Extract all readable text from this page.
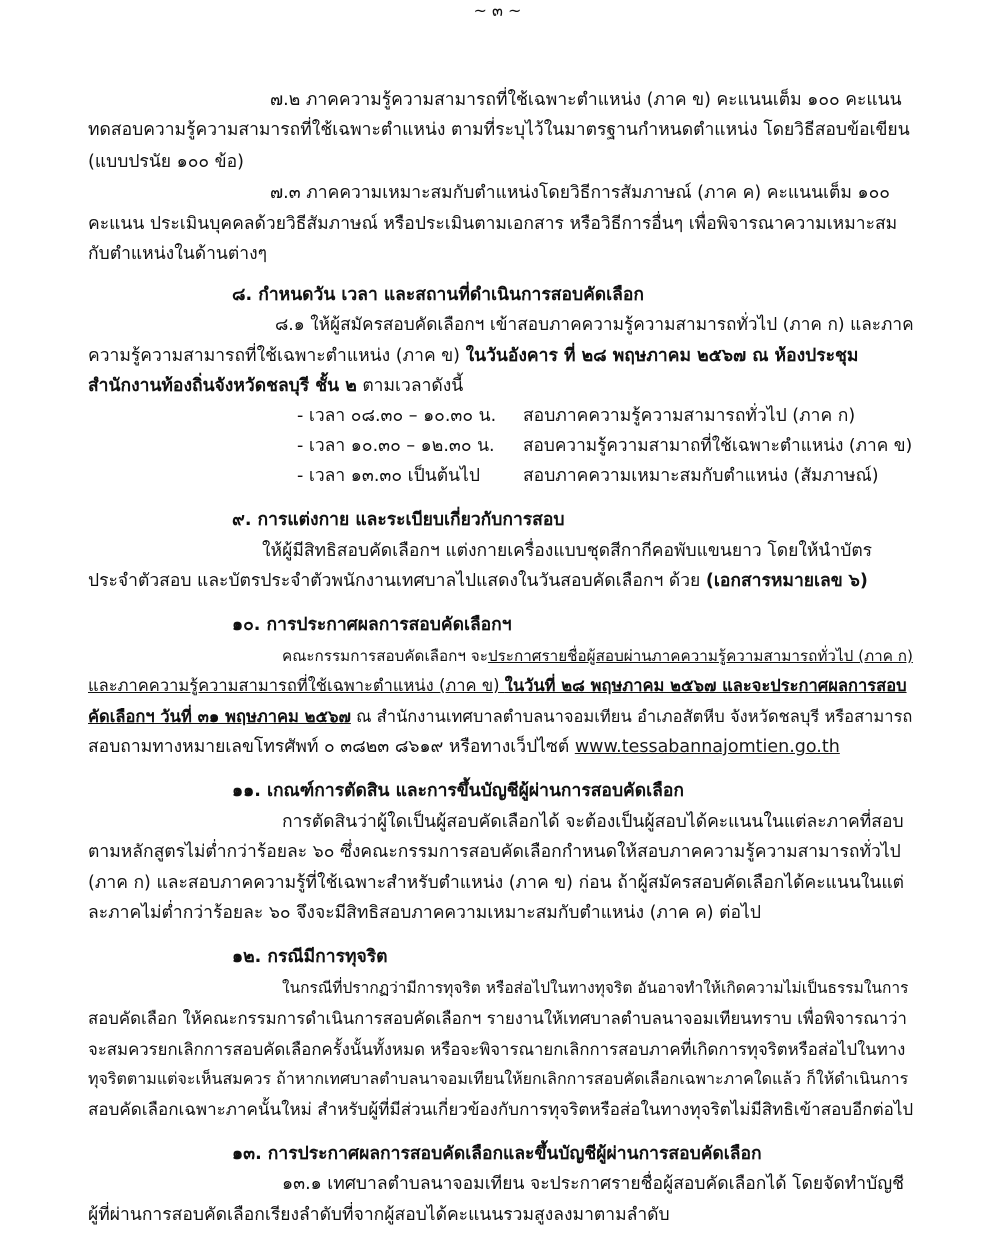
~ ๓ ~
๗.๒ ภาคความรู้ความสามารถที่ใช้เฉพาะตำแหน่ง (ภาค ข) คะแนนเต็ม ๑๐๐ คะแนน
ทดสอบความรู้ความสามารถที่ใช้เฉพาะตำแหน่ง ตามที่ระบุไว้ในมาตรฐานกำหนดตำแหน่ง โดยวิธีสอบข้อเขียน
(แบบปรนัย ๑๐๐ ข้อ)
๗.๓ ภาคความเหมาะสมกับตำแหน่งโดยวิธีการสัมภาษณ์ (ภาค ค) คะแนนเต็ม ๑๐๐
คะแนน ประเมินบุคคลด้วยวิธีสัมภาษณ์ หรือประเมินตามเอกสาร หรือวิธีการอื่นๆ เพื่อพิจารณาความเหมาะสม
กับตำแหน่งในด้านต่างๆ
๘. กำหนดวัน เวลา และสถานที่ดำเนินการสอบคัดเลือก
๘.๑ ให้ผู้สมัครสอบคัดเลือกฯ เข้าสอบภาคความรู้ความสามารถทั่วไป (ภาค ก) และภาค
ความรู้ความสามารถที่ใช้เฉพาะตำแหน่ง (ภาค ข) ในวันอังคาร ที่ ๒๘ พฤษภาคม ๒๕๖๗ ณ ห้องประชุม
สำนักงานท้องถิ่นจังหวัดชลบุรี ชั้น ๒ ตามเวลาดังนี้
- เวลา ๐๘.๓๐ – ๑๐.๓๐ น. สอบภาคความรู้ความสามารถทั่วไป (ภาค ก)
- เวลา ๑๐.๓๐ – ๑๒.๓๐ น. สอบความรู้ความสามาถที่ใช้เฉพาะตำแหน่ง (ภาค ข)
- เวลา ๑๓.๓๐ เป็นต้นไป สอบภาคความเหมาะสมกับตำแหน่ง (สัมภาษณ์)
๙. การแต่งกาย และระเบียบเกี่ยวกับการสอบ
ให้ผู้มีสิทธิสอบคัดเลือกฯ แต่งกายเครื่องแบบชุดสีกากีคอพับแขนยาว โดยให้นำบัตร
ประจำตัวสอบ และบัตรประจำตัวพนักงานเทศบาลไปแสดงในวันสอบคัดเลือกฯ ด้วย (เอกสารหมายเลข ๖)
๑๐. การประกาศผลการสอบคัดเลือกฯ
คณะกรรมการสอบคัดเลือกฯ จะประกาศรายชื่อผู้สอบผ่านภาคความรู้ความสามารถทั่วไป (ภาค ก)
และภาคความรู้ความสามารถที่ใช้เฉพาะตำแหน่ง (ภาค ข) ในวันที่ ๒๘ พฤษภาคม ๒๕๖๗ และจะประกาศผลการสอบ
คัดเลือกฯ วันที่ ๓๑ พฤษภาคม ๒๕๖๗ ณ สำนักงานเทศบาลตำบลนาจอมเทียน อำเภอสัตหีบ จังหวัดชลบุรี หรือสามารถ
สอบถามทางหมายเลขโทรศัพท์ ๐ ๓๘๒๓ ๘๖๑๙ หรือทางเว็ปไซต์ www.tessabannajomtien.go.th
๑๑. เกณฑ์การตัดสิน และการขึ้นบัญชีผู้ผ่านการสอบคัดเลือก
การตัดสินว่าผู้ใดเป็นผู้สอบคัดเลือกได้ จะต้องเป็นผู้สอบได้คะแนนในแต่ละภาคที่สอบ
ตามหลักสูตรไม่ต่ำกว่าร้อยละ ๖๐ ซึ่งคณะกรรมการสอบคัดเลือกกำหนดให้สอบภาคความรู้ความสามารถทั่วไป
(ภาค ก) และสอบภาคความรู้ที่ใช้เฉพาะสำหรับตำแหน่ง (ภาค ข) ก่อน ถ้าผู้สมัครสอบคัดเลือกได้คะแนนในแต่
ละภาคไม่ต่ำกว่าร้อยละ ๖๐ จึงจะมีสิทธิสอบภาคความเหมาะสมกับตำแหน่ง (ภาค ค) ต่อไป
๑๒. กรณีมีการทุจริต
ในกรณีที่ปรากฏว่ามีการทุจริต หรือส่อไปในทางทุจริต อันอาจทำให้เกิดความไม่เป็นธรรมในการ
สอบคัดเลือก ให้คณะกรรมการดำเนินการสอบคัดเลือกฯ รายงานให้เทศบาลตำบลนาจอมเทียนทราบ เพื่อพิจารณาว่า
จะสมควรยกเลิกการสอบคัดเลือกครั้งนั้นทั้งหมด หรือจะพิจารณายกเลิกการสอบภาคที่เกิดการทุจริตหรือส่อไปในทาง
ทุจริตตามแต่จะเห็นสมควร ถ้าหากเทศบาลตำบลนาจอมเทียนให้ยกเลิกการสอบคัดเลือกเฉพาะภาคใดแล้ว ก็ให้ดำเนินการ
สอบคัดเลือกเฉพาะภาคนั้นใหม่ สำหรับผู้ที่มีส่วนเกี่ยวข้องกับการทุจริตหรือส่อในทางทุจริตไม่มีสิทธิเข้าสอบอีกต่อไป
๑๓. การประกาศผลการสอบคัดเลือกและขึ้นบัญชีผู้ผ่านการสอบคัดเลือก
๑๓.๑ เทศบาลตำบลนาจอมเทียน จะประกาศรายชื่อผู้สอบคัดเลือกได้ โดยจัดทำบัญชี
ผู้ที่ผ่านการสอบคัดเลือกเรียงลำดับที่จากผู้สอบได้คะแนนรวมสูงลงมาตามลำดับ
